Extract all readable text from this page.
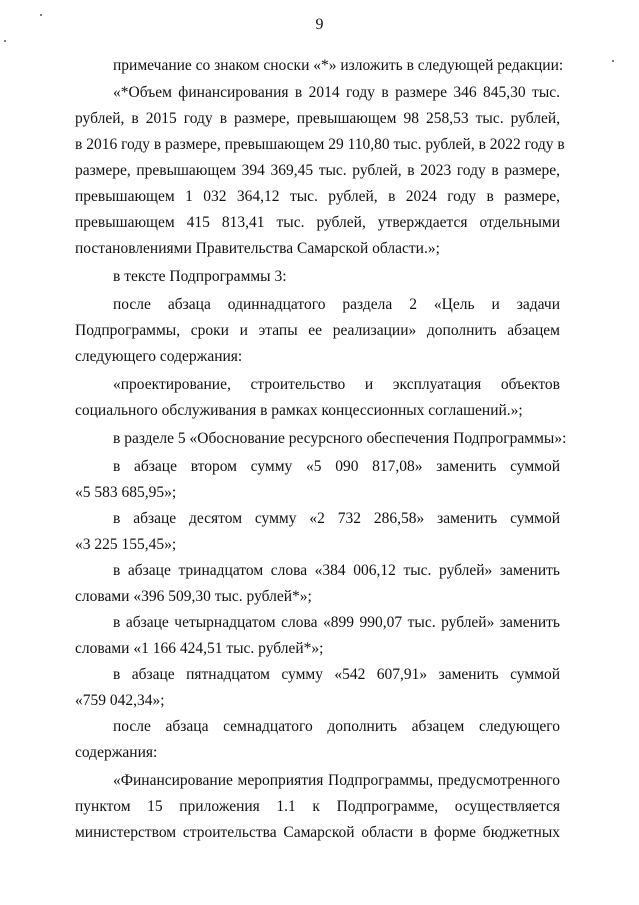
9
примечание со знаком сноски «*» изложить в следующей редакции:
«*Объем финансирования в 2014 году в размере 346 845,30 тыс.
рублей, в 2015 году в размере, превышающем 98 258,53 тыс. рублей,
в 2016 году в размере, превышающем 29 110,80 тыс. рублей, в 2022 году в
размере, превышающем 394 369,45 тыс. рублей, в 2023 году в размере,
превышающем 1 032 364,12 тыс. рублей, в 2024 году в размере,
превышающем 415 813,41 тыс. рублей, утверждается отдельными
постановлениями Правительства Самарской области.»;
в тексте Подпрограммы 3:
после абзаца одиннадцатого раздела 2 «Цель и задачи
Подпрограммы, сроки и этапы ее реализации» дополнить абзацем
следующего содержания:
«проектирование, строительство и эксплуатация объектов
социального обслуживания в рамках концессионных соглашений.»;
в разделе 5 «Обоснование ресурсного обеспечения Подпрограммы»:
в абзаце втором сумму «5 090 817,08» заменить суммой
«5 583 685,95»;
в абзаце десятом сумму «2 732 286,58» заменить суммой
«3 225 155,45»;
в абзаце тринадцатом слова «384 006,12 тыс. рублей» заменить
словами «396 509,30 тыс. рублей*»;
в абзаце четырнадцатом слова «899 990,07 тыс. рублей» заменить
словами «1 166 424,51 тыс. рублей*»;
в абзаце пятнадцатом сумму «542 607,91» заменить суммой
«759 042,34»;
после абзаца семнадцатого дополнить абзацем следующего
содержания:
«Финансирование мероприятия Подпрограммы, предусмотренного
пунктом 15 приложения 1.1 к Подпрограмме, осуществляется
министерством строительства Самарской области в форме бюджетных
